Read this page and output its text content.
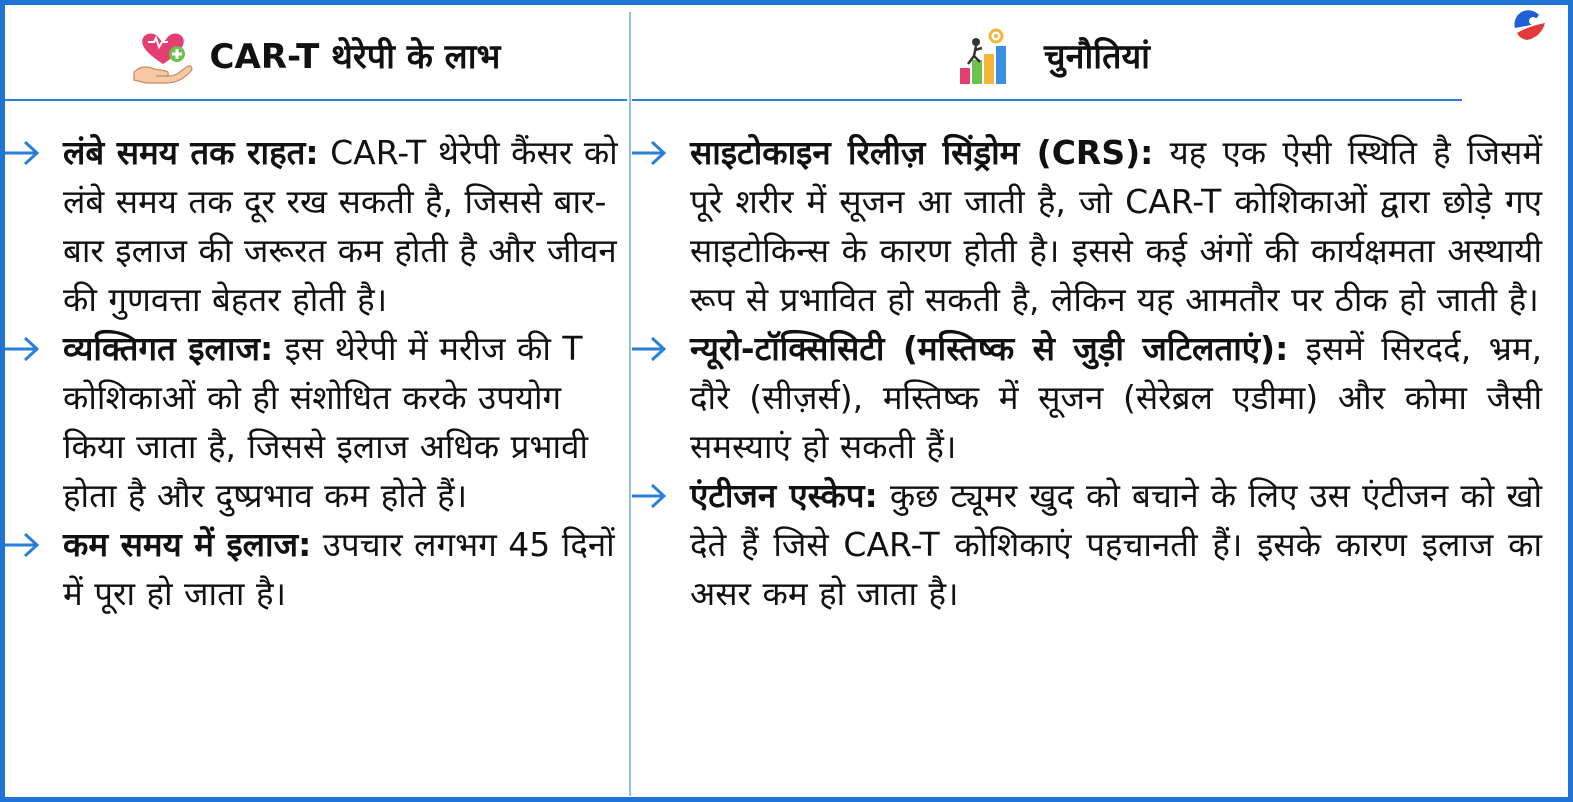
CAR-T थेरेपी के लाभ	चुनौतियां
लंबे समय तक राहत: CAR-T थेरेपी कैंसर को लंबे समय तक दूर रख सकती है, जिससे बार-बार इलाज की जरूरत कम होती है और जीवन की गुणवत्ता बेहतर होती है।
व्यक्तिगत इलाज: इस थेरेपी में मरीज की T कोशिकाओं को ही संशोधित करके उपयोग किया जाता है, जिससे इलाज अधिक प्रभावी होता है और दुष्प्रभाव कम होते हैं।
कम समय में इलाज: उपचार लगभग 45 दिनों में पूरा हो जाता है।
साइटोकाइन रिलीज़ सिंड्रोम (CRS): यह एक ऐसी स्थिति है जिसमें पूरे शरीर में सूजन आ जाती है, जो CAR-T कोशिकाओं द्वारा छोड़े गए साइटोकिन्स के कारण होती है। इससे कई अंगों की कार्यक्षमता अस्थायी रूप से प्रभावित हो सकती है, लेकिन यह आमतौर पर ठीक हो जाती है।
न्यूरो-टॉक्सिसिटी (मस्तिष्क से जुड़ी जटिलताएं): इसमें सिरदर्द, भ्रम, दौरे (सीज़र्स), मस्तिष्क में सूजन (सेरेब्रल एडीमा) और कोमा जैसी समस्याएं हो सकती हैं।
एंटीजन एस्केप: कुछ ट्यूमर खुद को बचाने के लिए उस एंटीजन को खो देते हैं जिसे CAR-T कोशिकाएं पहचानती हैं। इसके कारण इलाज का असर कम हो जाता है।
